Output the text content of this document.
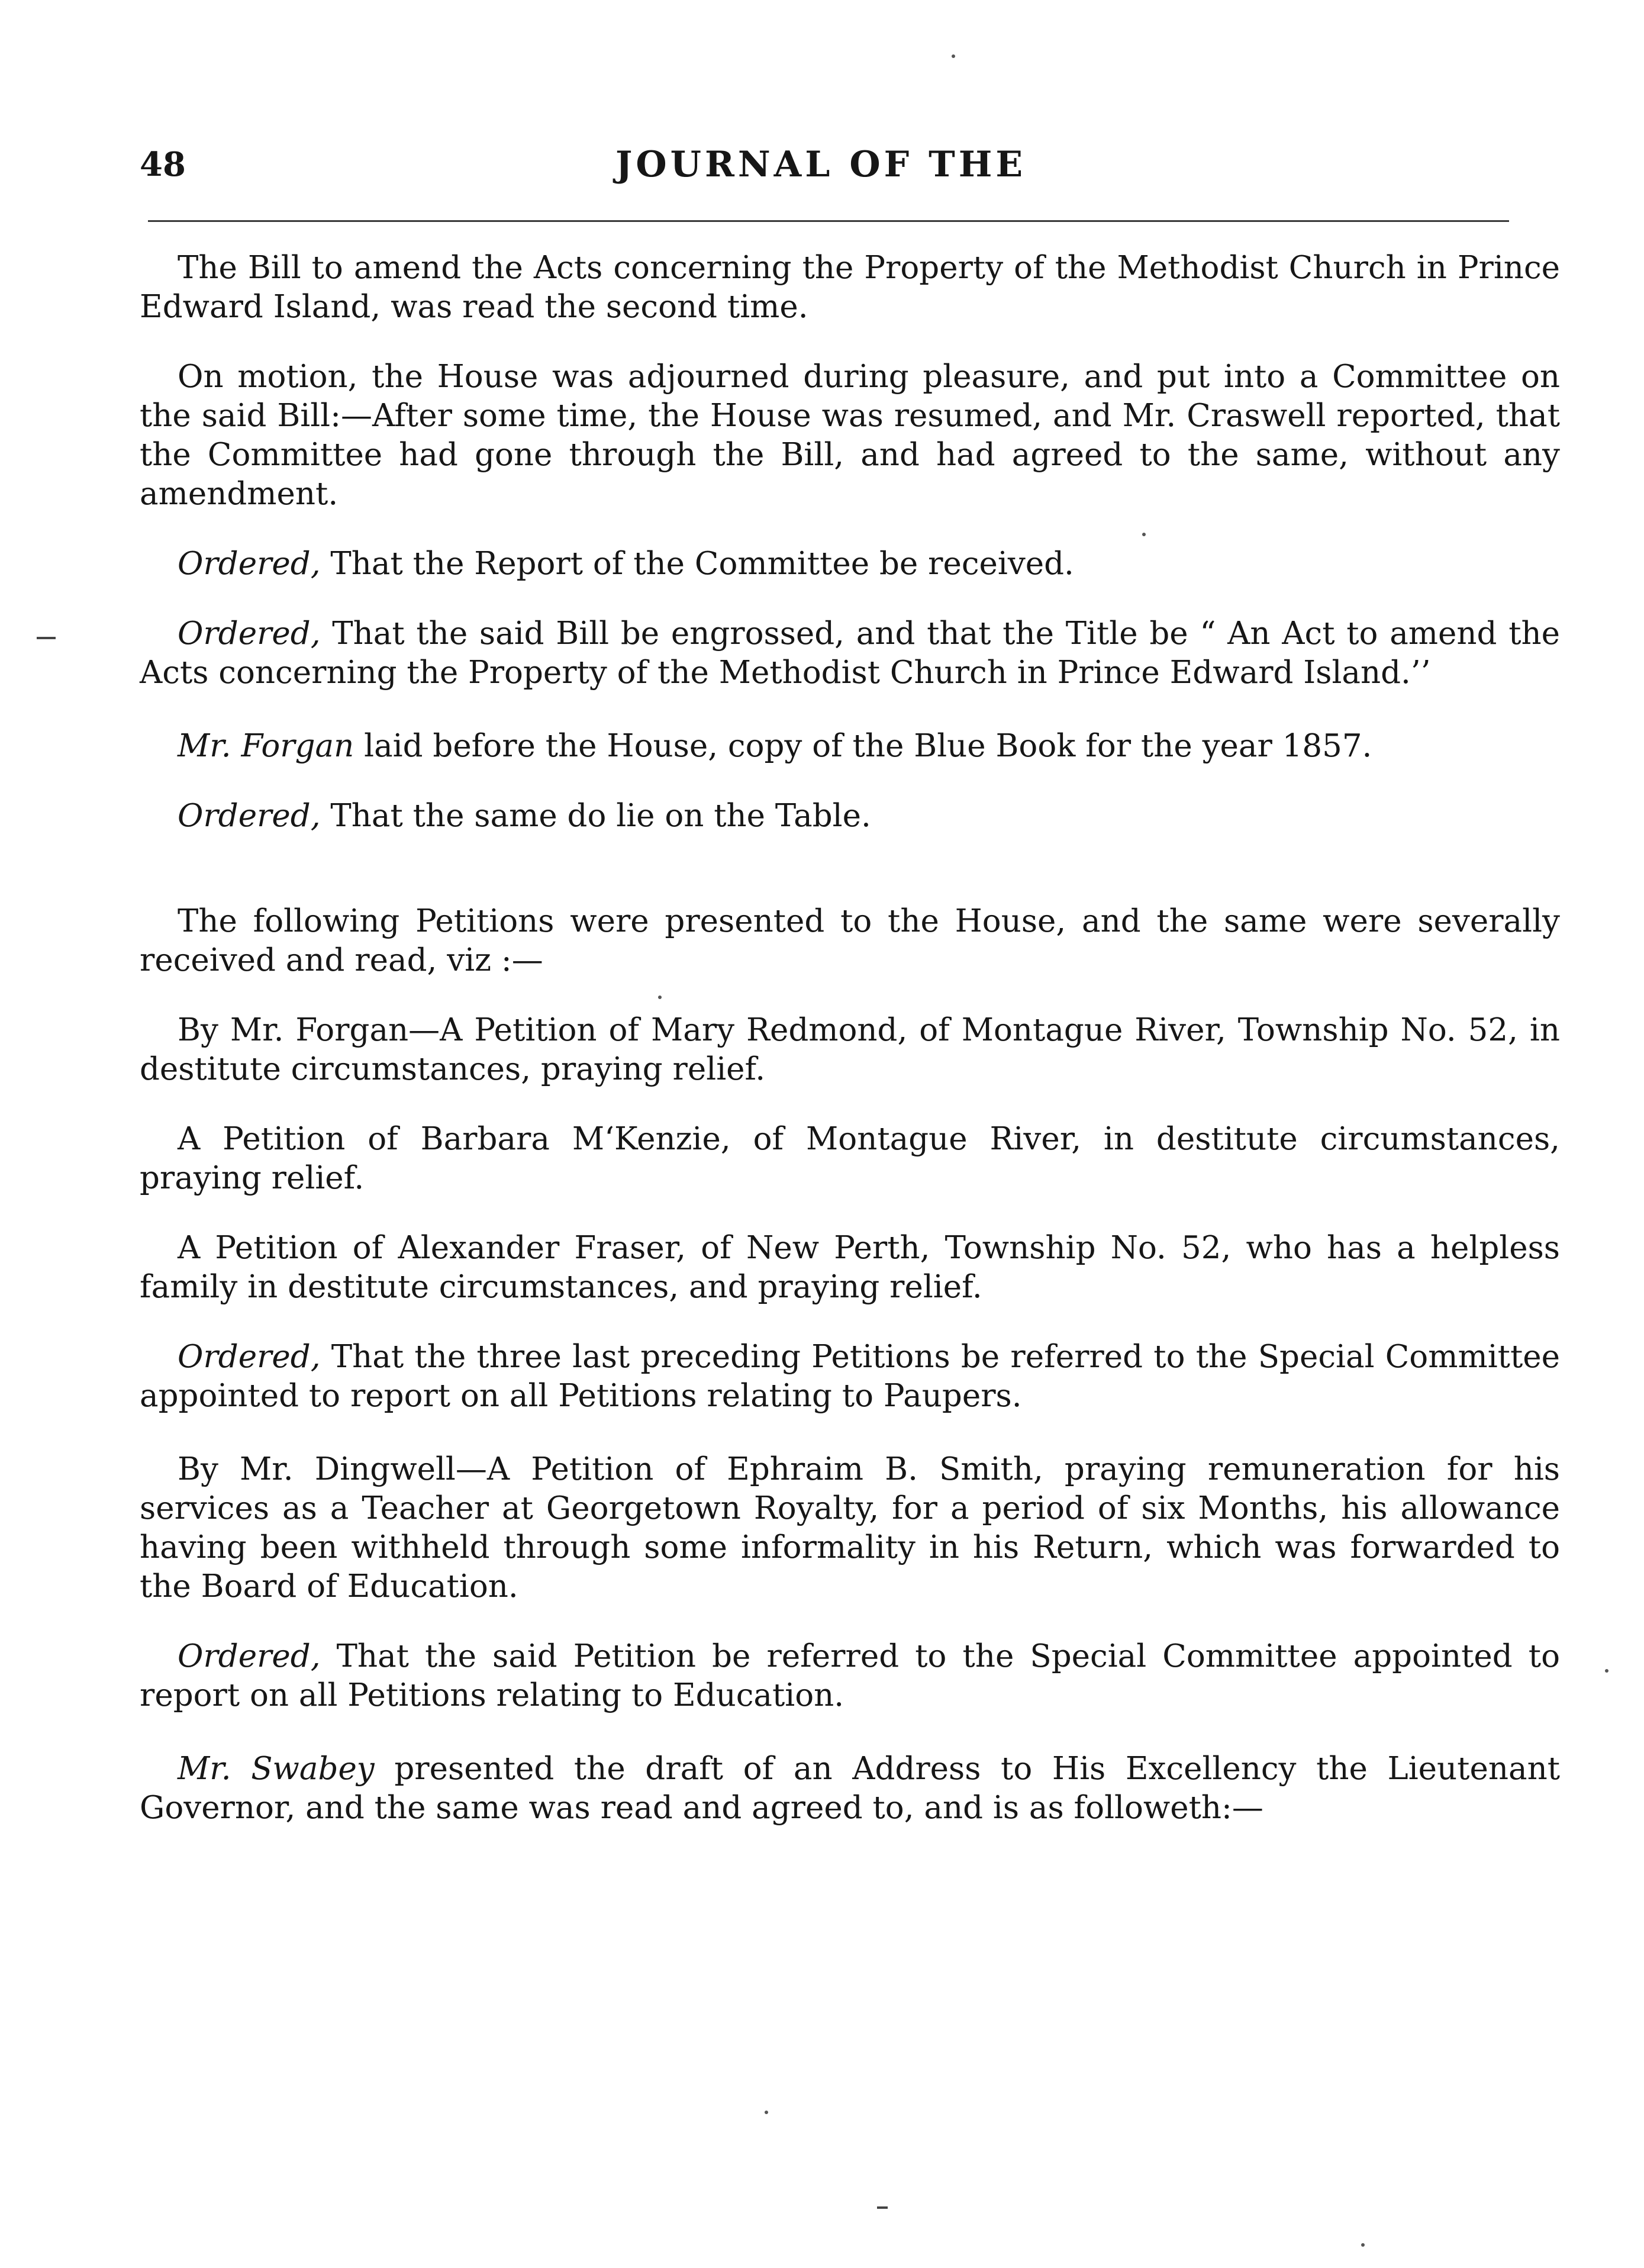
48	JOURNAL OF THE

The Bill to amend the Acts concerning the Property of the Methodist Church in Prince Edward Island, was read the second time.

On motion, the House was adjourned during pleasure, and put into a Committee on the said Bill:—After some time, the House was resumed, and Mr. Craswell reported, that the Committee had gone through the Bill, and had agreed to the same, without any amendment.

Ordered, That the Report of the Committee be received.

Ordered, That the said Bill be engrossed, and that the Title be “ An Act to amend the Acts concerning the Property of the Methodist Church in Prince Edward Island.’’

Mr. Forgan laid before the House, copy of the Blue Book for the year 1857.

Ordered, That the same do lie on the Table.

The following Petitions were presented to the House, and the same were severally received and read, viz :—

By Mr. Forgan—A Petition of Mary Redmond, of Montague River, Township No. 52, in destitute circumstances, praying relief.

A Petition of Barbara M‘Kenzie, of Montague River, in destitute circumstances, praying relief.

A Petition of Alexander Fraser, of New Perth, Township No. 52, who has a helpless family in destitute circumstances, and praying relief.

Ordered, That the three last preceding Petitions be referred to the Special Committee appointed to report on all Petitions relating to Paupers.

By Mr. Dingwell—A Petition of Ephraim B. Smith, praying remuneration for his services as a Teacher at Georgetown Royalty, for a period of six Months, his allowance having been withheld through some informality in his Return, which was forwarded to the Board of Education.

Ordered, That the said Petition be referred to the Special Committee appointed to report on all Petitions relating to Education.

Mr. Swabey presented the draft of an Address to His Excellency the Lieutenant Governor, and the same was read and agreed to, and is as followeth:—
